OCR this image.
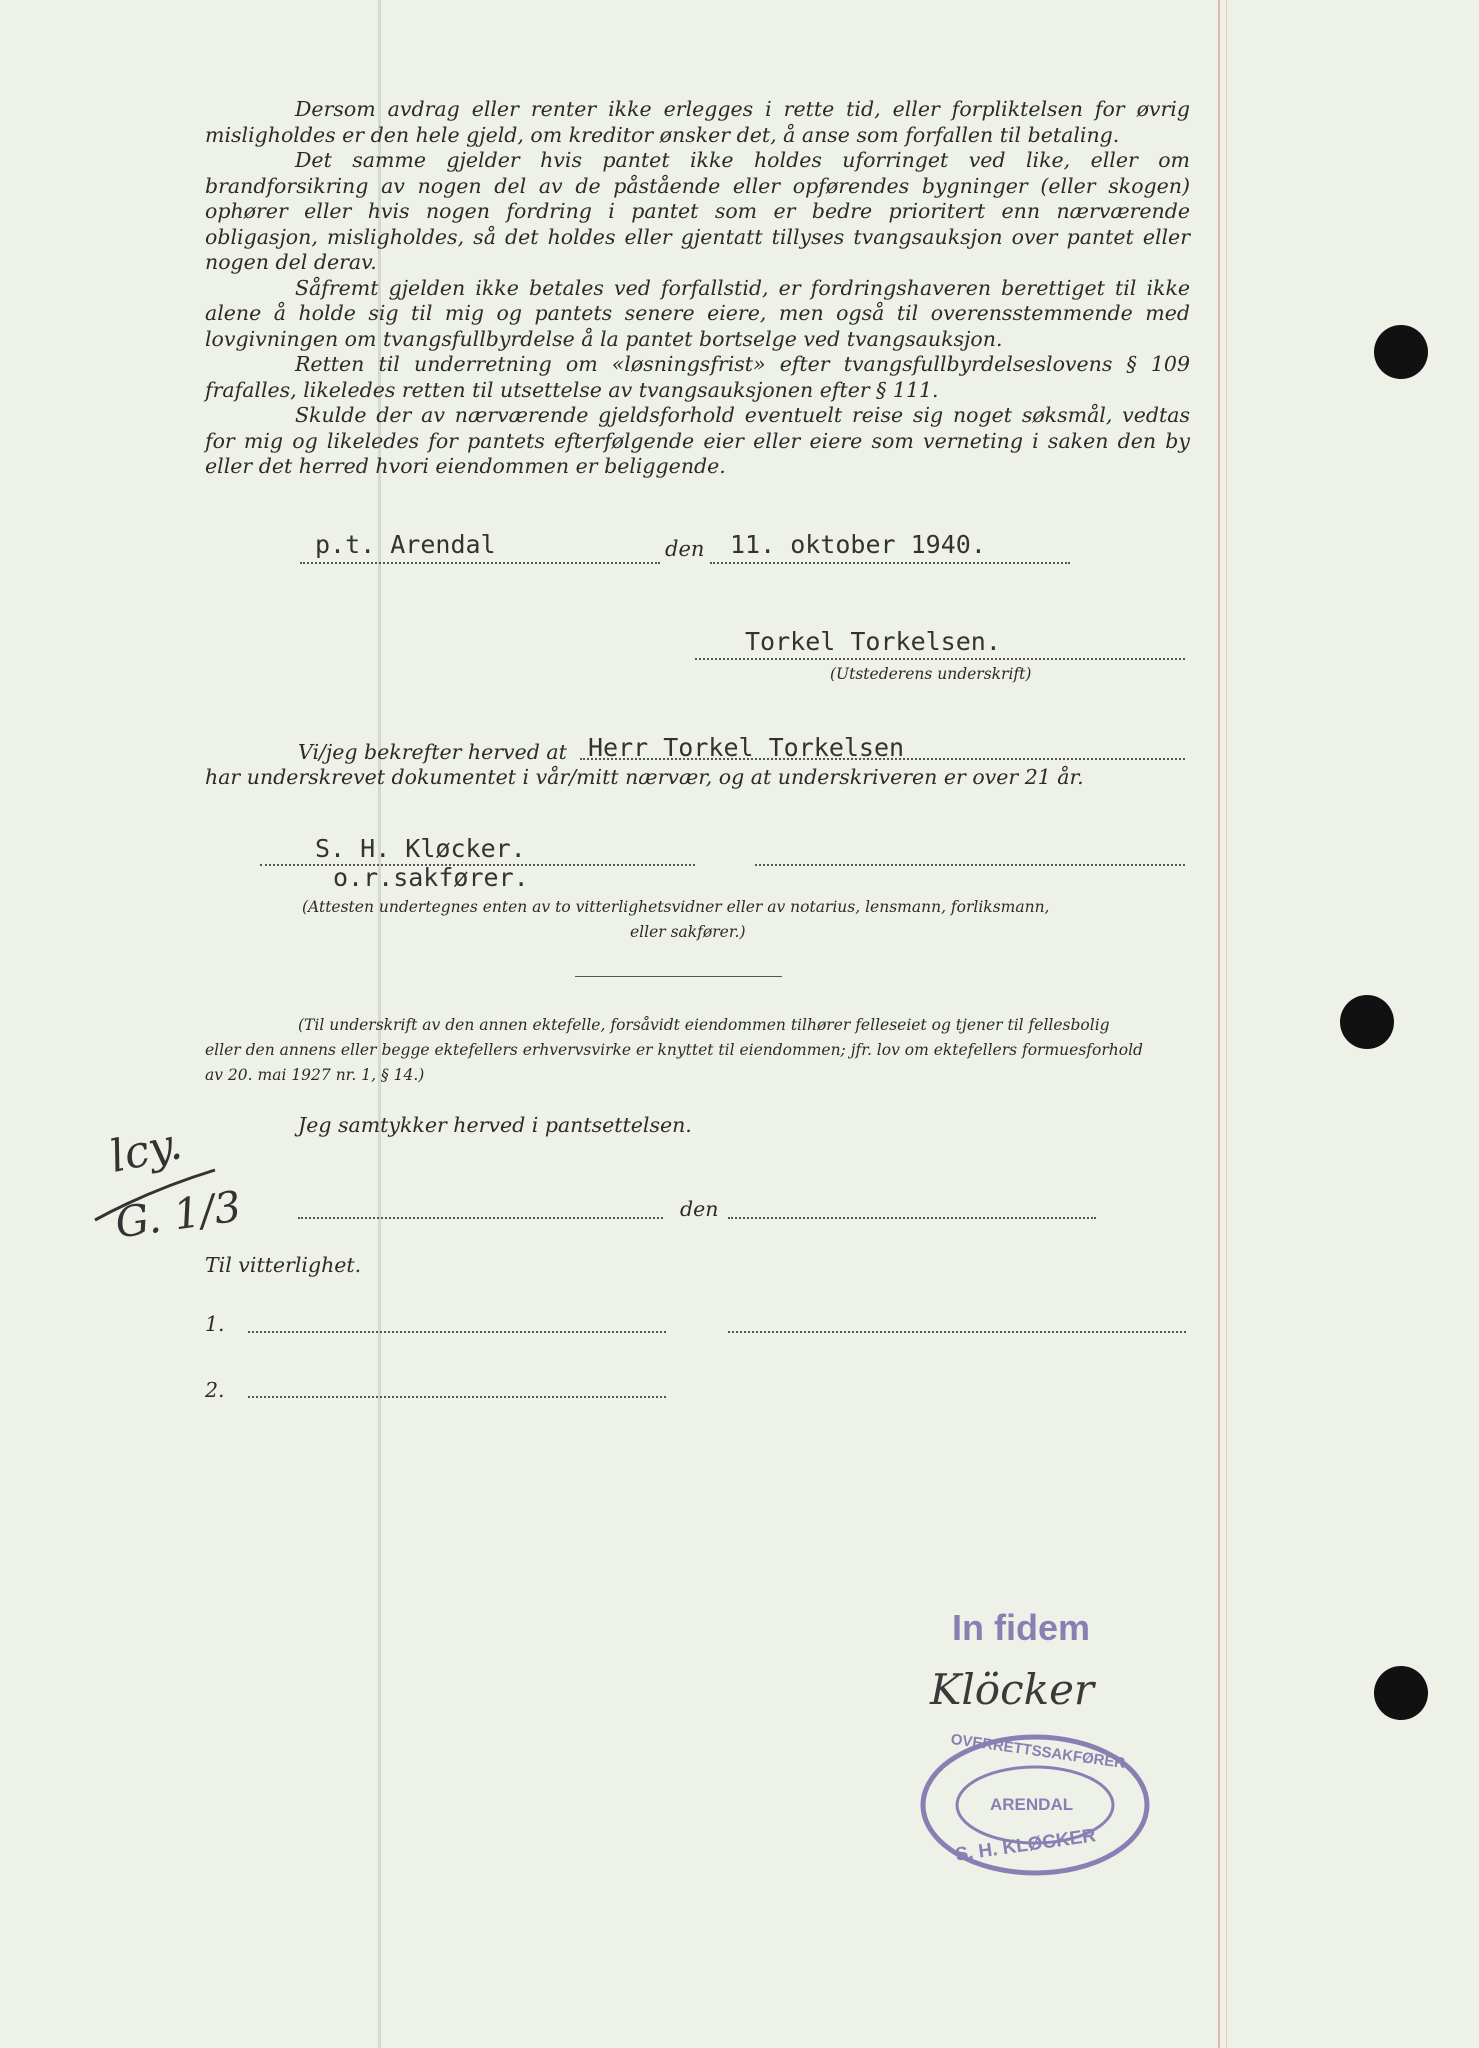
Dersom avdrag eller renter ikke erlegges i rette tid, eller forpliktelsen for øvrig misligholdes er den hele gjeld, om kreditor ønsker det, å anse som forfallen til betaling.

Det samme gjelder hvis pantet ikke holdes uforringet ved like, eller om brandforsikring av nogen del av de påstående eller opførendes bygninger (eller skogen) ophører eller hvis nogen fordring i pantet som er bedre prioritert enn nærværende obligasjon, misligholdes, så det holdes eller gjentatt tillyses tvangsauksjon over pantet eller nogen del derav.

Såfremt gjelden ikke betales ved forfallstid, er fordringshaveren berettiget til ikke alene å holde sig til mig og pantets senere eiere, men også til overensstemmende med lovgivningen om tvangsfullbyrdelse å la pantet bortselge ved tvangsauksjon.

Retten til underretning om «løsningsfrist» efter tvangsfullbyrdelseslovens § 109 frafalles, likeledes retten til utsettelse av tvangsauksjonen efter § 111.

Skulde der av nærværende gjeldsforhold eventuelt reise sig noget søksmål, vedtas for mig og likeledes for pantets efterfølgende eier eller eiere som verneting i saken den by eller det herred hvori eiendommen er beliggende.

p.t. Arendal	den 11. oktober 1940.
Torkel Torkelsen.
(Utstederens underskrift)
Vi/jeg bekrefter herved at Herr Torkel Torkelsen
har underskrevet dokumentet i vår/mitt nærvær, og at underskriveren er over 21 år.
S. H. Kløcker.
o.r.sakfører.
(Attesten undertegnes enten av to vitterlighetsvidner eller av notarius, lensmann, forliksmann,
eller sakfører.)
(Til underskrift av den annen ektefelle, forsåvidt eiendommen tilhører felleseiet og tjener til fellesbolig
eller den annens eller begge ektefellers erhvervsvirke er knyttet til eiendommen; jfr. lov om ektefellers formuesforhold
av 20. mai 1927 nr. 1, § 14.)
Jeg samtykker herved i pantsettelsen.
den
Til vitterlighet.
1.
2.
lcy.
G. 1/3
In fidem
Klöcker
OVERRETTSSAKFØRER
ARENDAL
S. H. KLØCKER
